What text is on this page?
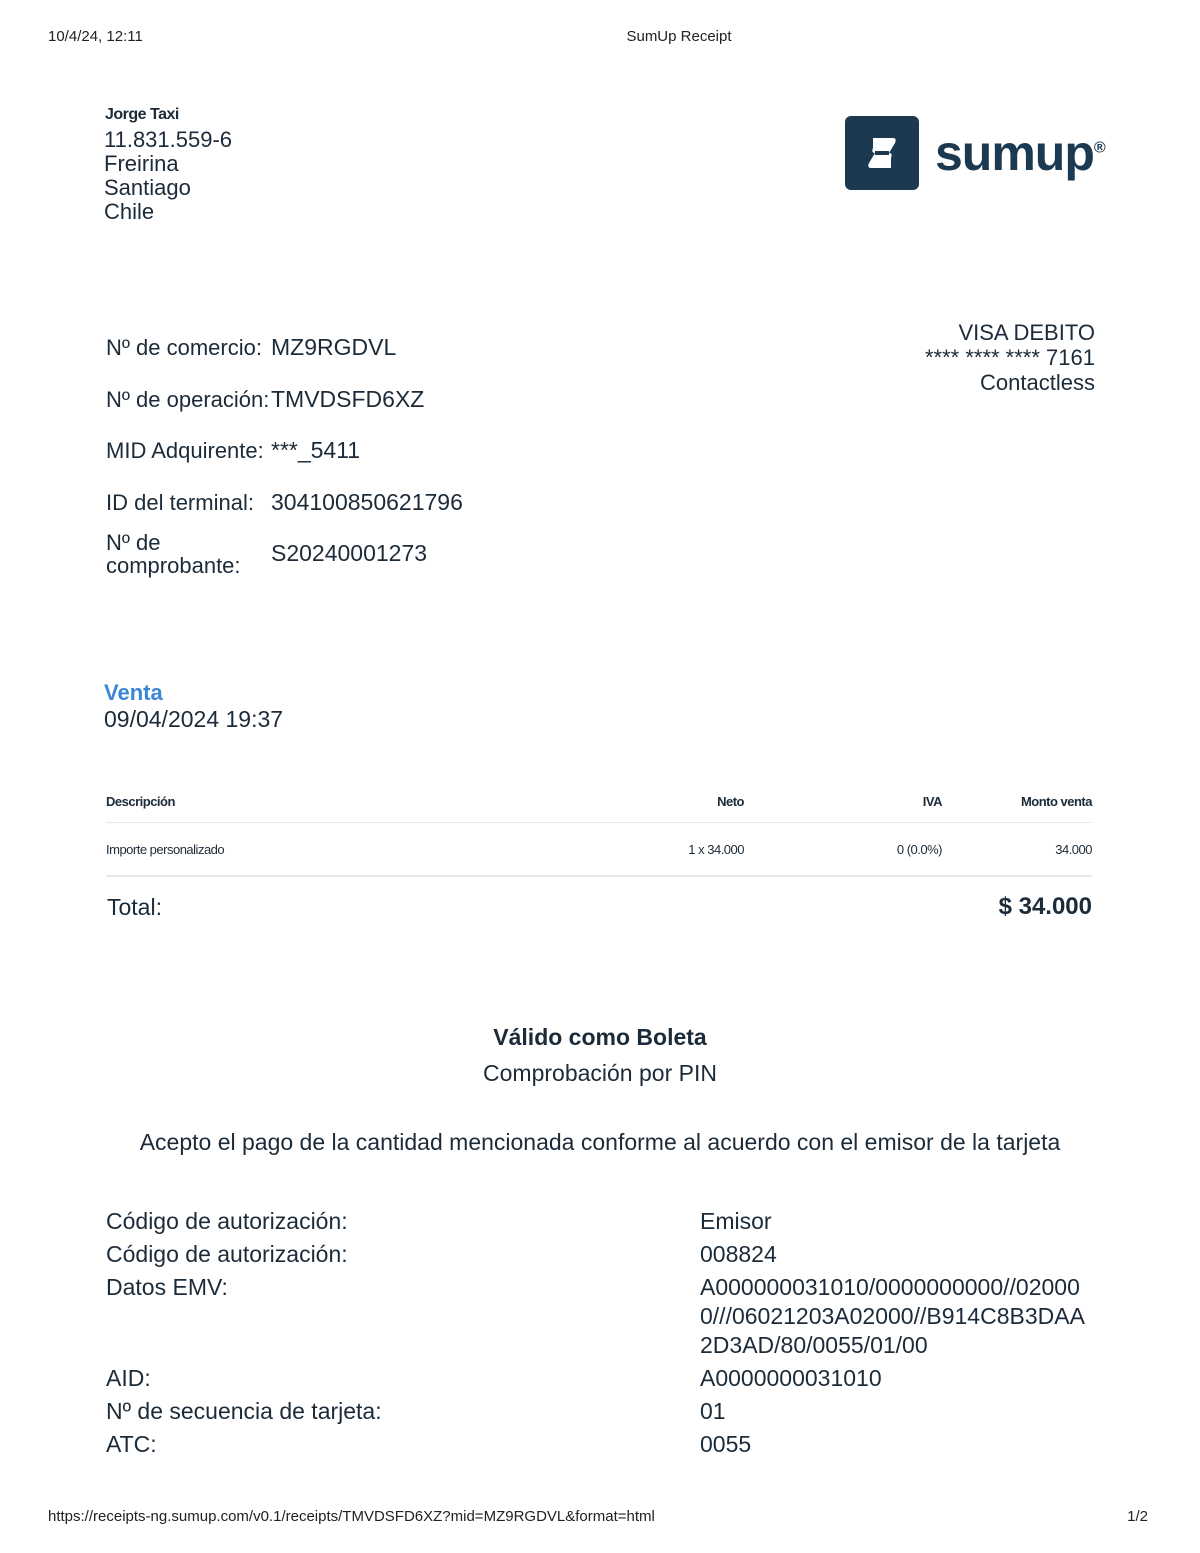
10/4/24, 12:11	SumUp Receipt
Jorge Taxi
11.831.559-6
Freirina
Santiago
Chile
sumup®
Nº de comercio: MZ9RGDVL
Nº de operación: TMVDSFD6XZ
MID Adquirente: ***_5411
ID del terminal: 304100850621796
Nº de comprobante:	S20240001273
VISA DEBITO
**** **** **** 7161
Contactless
Venta
09/04/2024 19:37
Descripción	Neto	IVA	Monto venta
Importe personalizado	1 x 34.000	0 (0.0%)	34.000
Total:	$ 34.000
Válido como Boleta
Comprobación por PIN
Acepto el pago de la cantidad mencionada conforme al acuerdo con el emisor de la tarjeta
Código de autorización:	Emisor
Código de autorización:	008824
Datos EMV:	A000000031010/0000000000//020000///06021203A02000//B914C8B3DAA2D3AD/80/0055/01/00
AID:	A0000000031010
Nº de secuencia de tarjeta:	01
ATC:	0055
https://receipts-ng.sumup.com/v0.1/receipts/TMVDSFD6XZ?mid=MZ9RGDVL&format=html	1/2
